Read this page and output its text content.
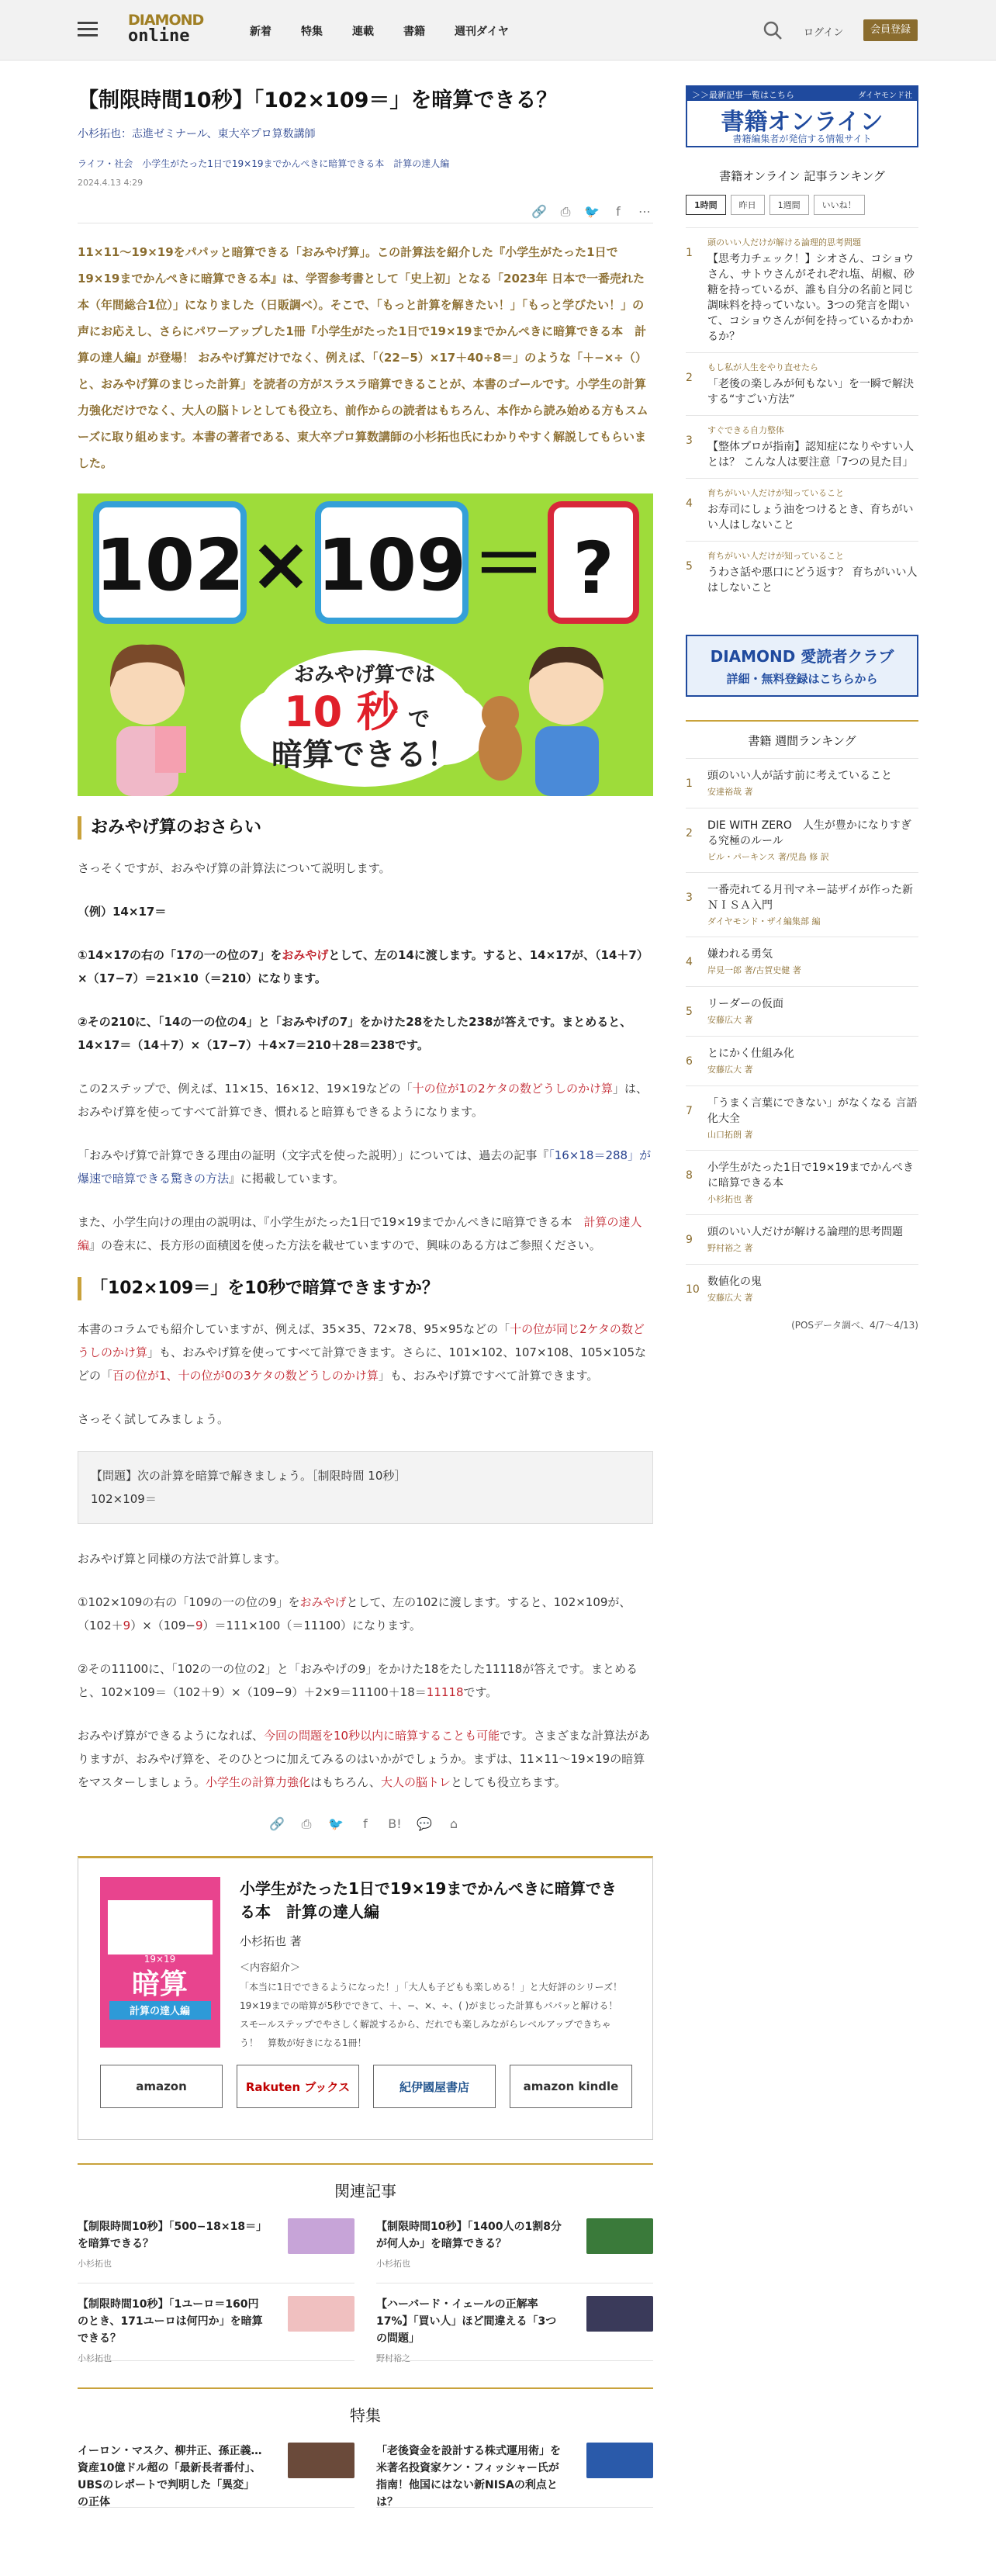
DIAMOND
online	新着	特集	連載	書籍	週刊ダイヤ	ログイン	会員登録
【制限時間10秒】「102×109＝」を暗算できる？
小杉拓也：志進ゼミナール、東大卒プロ算数講師
ライフ・社会　小学生がたった1日で19×19までかんぺきに暗算できる本　計算の達人編
2024.4.13 4:29
🔗 ⎙ 🐦	f	⋯
11×11〜19×19をパパッと暗算できる「おみやげ算」。この計算法を紹介した『小学生がたった1日で19×19までかんぺきに暗算できる本』は、学習参考書として「史上初」となる「2023年 日本で一番売れた本（年間総合1位）」になりました（日販調べ）。そこで、「もっと計算を解きたい！」「もっと学びたい！」の声にお応えし、さらにパワーアップした1冊『小学生がたった1日で19×19までかんぺきに暗算できる本　計算の達人編』が登場！ おみやげ算だけでなく、例えば、「（22−5）×17＋40÷8＝」のような「＋−×÷（）と、おみやげ算のまじった計算」を読者の方がスラスラ暗算できることが、本書のゴールです。小学生の計算力強化だけでなく、大人の脳トレとしても役立ち、前作からの読者はもちろん、本作から読み始める方もスムーズに取り組めます。本書の著者である、東大卒プロ算数講師の小杉拓也氏にわかりやすく解説してもらいました。
102 × 109 ＝ ?
おみやげ算では
10 秒 で
暗算できる！
おみやげ算のおさらい

さっそくですが、おみやげ算の計算法について説明します。

（例）14×17＝

①14×17の右の「17の一の位の7」をおみやげとして、左の14に渡します。すると、14×17が、（14＋7）×（17−7）＝21×10（＝210）になります。

②その210に、「14の一の位の4」と「おみやげの7」をかけた28をたした238が答えです。まとめると、14×17＝（14＋7）×（17−7）＋4×7＝210＋28＝238です。

この2ステップで、例えば、11×15、16×12、19×19などの「十の位が1の2ケタの数どうしのかけ算」は、おみやげ算を使ってすべて計算でき、慣れると暗算もできるようになります。

「おみやげ算で計算できる理由の証明（文字式を使った説明）」については、過去の記事『「16×18＝288」が爆速で暗算できる驚きの方法』に掲載しています。

また、小学生向けの理由の説明は、『小学生がたった1日で19×19までかんぺきに暗算できる本　計算の達人編』の巻末に、長方形の面積図を使った方法を載せていますので、興味のある方はご参照ください。

「102×109＝」を10秒で暗算できますか？

本書のコラムでも紹介していますが、例えば、35×35、72×78、95×95などの「十の位が同じ2ケタの数どうしのかけ算」も、おみやげ算を使ってすべて計算できます。さらに、101×102、107×108、105×105などの「百の位が1、十の位が0の3ケタの数どうしのかけ算」も、おみやげ算ですべて計算できます。

さっそく試してみましょう。

【問題】次の計算を暗算で解きましょう。［制限時間 10秒］
102×109＝

おみやげ算と同様の方法で計算します。

①102×109の右の「109の一の位の9」をおみやげとして、左の102に渡します。すると、102×109が、（102＋9）×（109−9）＝111×100（＝11100）になります。

②その11100に、「102の一の位の2」と「おみやげの9」をかけた18をたした11118が答えです。まとめると、102×109＝（102＋9）×（109−9）＋2×9＝11100＋18＝11118です。

おみやげ算ができるようになれば、今回の問題を10秒以内に暗算することも可能です。さまざまな計算法がありますが、おみやげ算を、そのひとつに加えてみるのはいかがでしょうか。まずは、11×11〜19×19の暗算をマスターしましょう。小学生の計算力強化はもちろん、大人の脳トレとしても役立ちます。

🔗 ⎙ 🐦	f	B! 💬	⌂
19×19
暗算
計算の達人編
小学生がたった1日で19×19までかんぺきに暗算できる本　計算の達人編
小杉拓也 著
＜内容紹介＞
「本当に1日でできるようになった！」「大人も子どもも楽しめる！」と大好評のシリーズ！　19×19までの暗算が5秒でできて、＋、−、×、÷、( )がまじった計算もパパッと解ける！　スモールステップでやさしく解説するから、だれでも楽しみながらレベルアップできちゃう！　算数が好きになる1冊！
amazon	Rakuten ブックス	紀伊國屋書店	amazon kindle
関連記事
【制限時間10秒】「500−18×18＝」を暗算できる？
小杉拓也
【制限時間10秒】「1400人の1割8分が何人か」を暗算できる？
小杉拓也
【制限時間10秒】「1ユーロ＝160円のとき、171ユーロは何円か」を暗算できる？
小杉拓也
【ハーバード・イェールの正解率17%】「買い人」ほど間違える「3つの問題」
野村裕之
特集
イーロン・マスク、柳井正、孫正義…資産10億ドル超の「最新長者番付」、UBSのレポートで判明した「異変」の正体
「老後資金を設計する株式運用術」を米著名投資家ケン・フィッシャー氏が指南！他国にはない新NISAの利点とは？
＞＞最新記事一覧はこちら	ダイヤモンド社
書籍オンライン
書籍編集者が発信する情報サイト
書籍オンライン 記事ランキング
1時間	昨日	1週間	いいね！
1
頭のいい人だけが解ける論理的思考問題
【思考力チェック！】シオさん、コショウさん、サトウさんがそれぞれ塩、胡椒、砂糖を持っているが、誰も自分の名前と同じ調味料を持っていない。3つの発言を聞いて、コショウさんが何を持っているかわかるか？
2
もし私が人生をやり直せたら
「老後の楽しみが何もない」を一瞬で解決する“すごい方法”
3
すぐできる自力整体
【整体プロが指南】認知症になりやすい人とは？ こんな人は要注意「7つの見た目」
4
育ちがいい人だけが知っていること
お寿司にしょう油をつけるとき、育ちがいい人はしないこと
5
育ちがいい人だけが知っていること
うわさ話や悪口にどう返す？ 育ちがいい人はしないこと
DIAMOND 愛読者クラブ
詳細・無料登録はこちらから
書籍 週間ランキング
1
頭のいい人が話す前に考えていること
安達裕哉 著
2
DIE WITH ZERO　人生が豊かになりすぎる究極のルール
ビル・パーキンス 著/児島 修 訳
3
一番売れてる月刊マネー誌ザイが作った新ＮＩＳＡ入門
ダイヤモンド・ザイ編集部 編
4
嫌われる勇気
岸見一郎 著/古賀史健 著
5
リーダーの仮面
安藤広大 著
6
とにかく仕組み化
安藤広大 著
7
「うまく言葉にできない」がなくなる 言語化大全
山口拓朗 著
8
小学生がたった1日で19×19までかんぺきに暗算できる本
小杉拓也 著
9
頭のいい人だけが解ける論理的思考問題
野村裕之 著
10
数値化の鬼
安藤広大 著
(POSデータ調べ、4/7〜4/13)
